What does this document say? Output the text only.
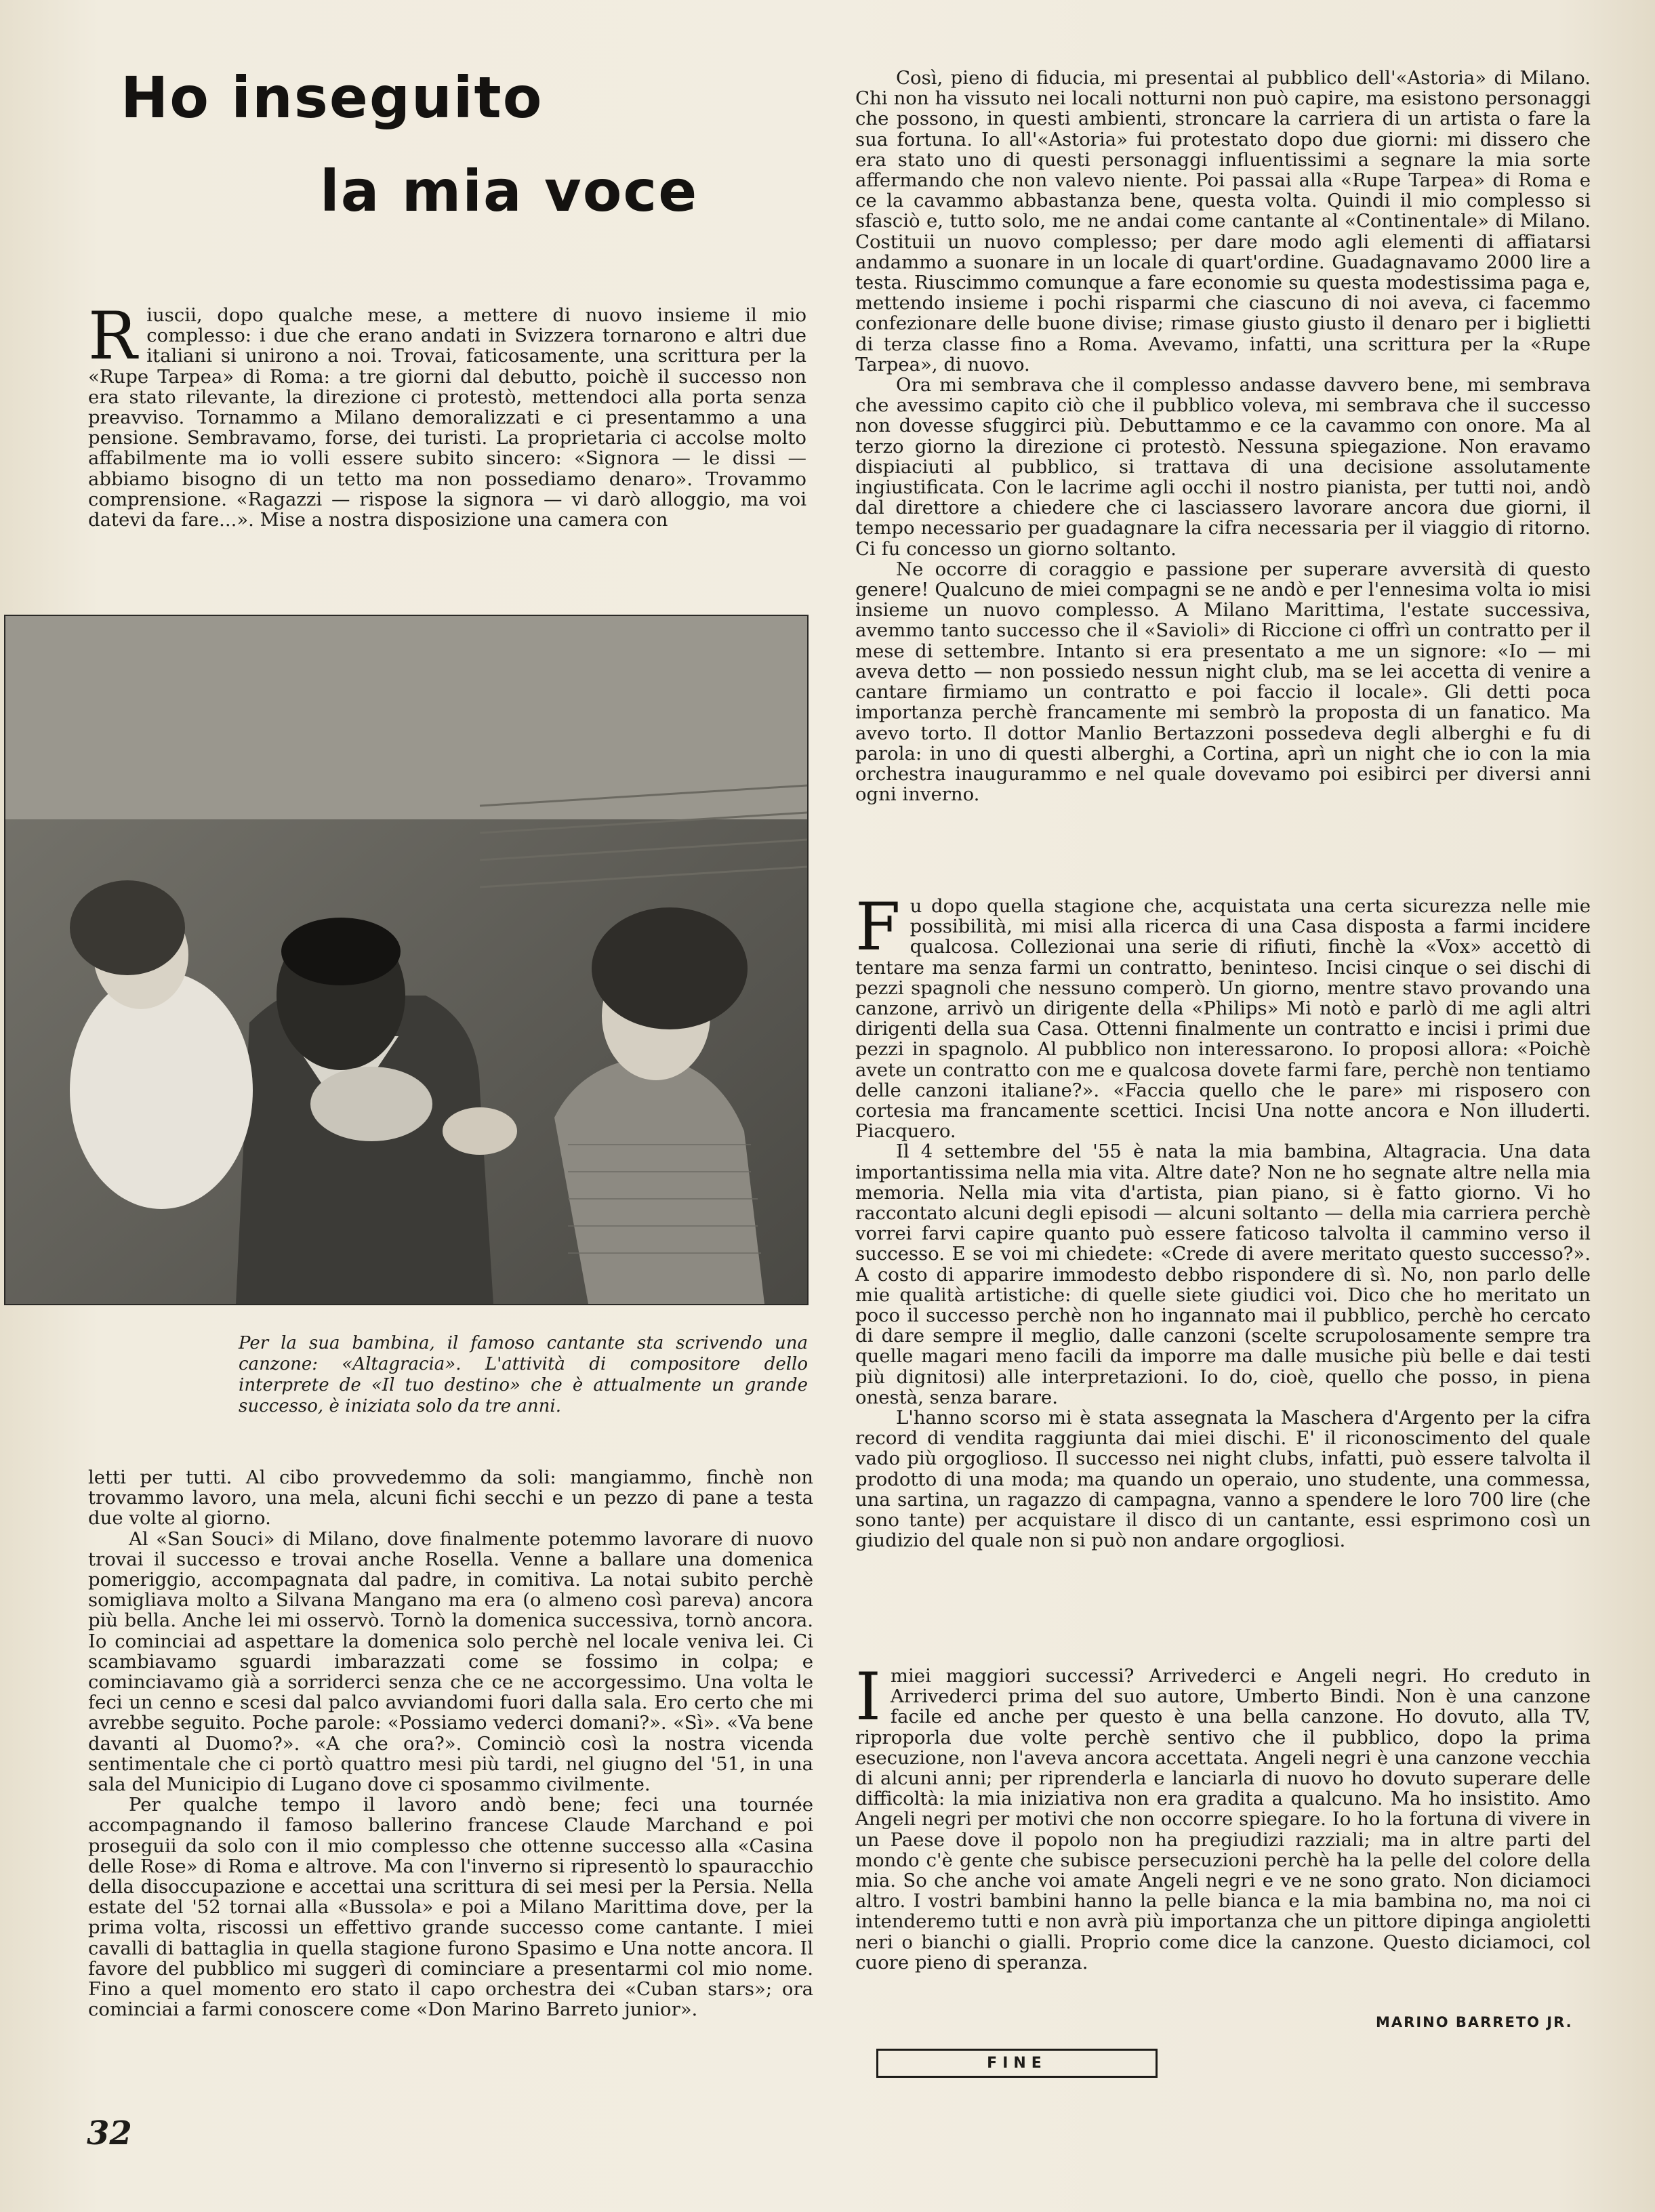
Ho inseguito
la mia voce

Riuscii, dopo qualche mese, a mettere di nuovo insieme il mio complesso: i due che erano andati in Svizzera tornarono e altri due italiani si unirono a noi. Trovai, faticosamente, una scrittura per la «Rupe Tarpea» di Roma: a tre giorni dal debutto, poichè il successo non era stato rilevante, la direzione ci protestò, mettendoci alla porta senza preavviso. Tornammo a Milano demoralizzati e ci presentammo a una pensione. Sembravamo, forse, dei turisti. La proprietaria ci accolse molto affabilmente ma io volli essere subito sincero: «Signora — le dissi — abbiamo bisogno di un tetto ma non possediamo denaro». Trovammo comprensione. «Ragazzi — rispose la signora — vi darò alloggio, ma voi datevi da fare...». Mise a nostra disposizione una camera con

Per la sua bambina, il famoso cantante sta scrivendo una canzone: «Altagracia». L'attività di compositore dello interprete de «Il tuo destino» che è attualmente un grande successo, è iniziata solo da tre anni.

letti per tutti. Al cibo provvedemmo da soli: mangiammo, finchè non trovammo lavoro, una mela, alcuni fichi secchi e un pezzo di pane a testa due volte al giorno.

Al «San Souci» di Milano, dove finalmente potemmo lavorare di nuovo trovai il successo e trovai anche Rosella. Venne a ballare una domenica pomeriggio, accompagnata dal padre, in comitiva. La notai subito perchè somigliava molto a Silvana Mangano ma era (o almeno così pareva) ancora più bella. Anche lei mi osservò. Tornò la domenica successiva, tornò ancora. Io cominciai ad aspettare la domenica solo perchè nel locale veniva lei. Ci scambiavamo sguardi imbarazzati come se fossimo in colpa; e cominciavamo già a sorriderci senza che ce ne accorgessimo. Una volta le feci un cenno e scesi dal palco avviandomi fuori dalla sala. Ero certo che mi avrebbe seguito. Poche parole: «Possiamo vederci domani?». «Sì». «Va bene davanti al Duomo?». «A che ora?». Cominciò così la nostra vicenda sentimentale che ci portò quattro mesi più tardi, nel giugno del '51, in una sala del Municipio di Lugano dove ci sposammo civilmente.

Per qualche tempo il lavoro andò bene; feci una tournée accompagnando il famoso ballerino francese Claude Marchand e poi proseguii da solo con il mio complesso che ottenne successo alla «Casina delle Rose» di Roma e altrove. Ma con l'inverno si ripresentò lo spauracchio della disoccupazione e accettai una scrittura di sei mesi per la Persia. Nella estate del '52 tornai alla «Bussola» e poi a Milano Marittima dove, per la prima volta, riscossi un effettivo grande successo come cantante. I miei cavalli di battaglia in quella stagione furono Spasimo e Una notte ancora. Il favore del pubblico mi suggerì di cominciare a presentarmi col mio nome. Fino a quel momento ero stato il capo orchestra dei «Cuban stars»; ora cominciai a farmi conoscere come «Don Marino Barreto junior».

Così, pieno di fiducia, mi presentai al pubblico dell'«Astoria» di Milano. Chi non ha vissuto nei locali notturni non può capire, ma esistono personaggi che possono, in questi ambienti, stroncare la carriera di un artista o fare la sua fortuna. Io all'«Astoria» fui protestato dopo due giorni: mi dissero che era stato uno di questi personaggi influentissimi a segnare la mia sorte affermando che non valevo niente. Poi passai alla «Rupe Tarpea» di Roma e ce la cavammo abbastanza bene, questa volta. Quindi il mio complesso si sfasciò e, tutto solo, me ne andai come cantante al «Continentale» di Milano. Costituii un nuovo complesso; per dare modo agli elementi di affiatarsi andammo a suonare in un locale di quart'ordine. Guadagnavamo 2000 lire a testa. Riuscimmo comunque a fare economie su questa modestissima paga e, mettendo insieme i pochi risparmi che ciascuno di noi aveva, ci facemmo confezionare delle buone divise; rimase giusto giusto il denaro per i biglietti di terza classe fino a Roma. Avevamo, infatti, una scrittura per la «Rupe Tarpea», di nuovo.

Ora mi sembrava che il complesso andasse davvero bene, mi sembrava che avessimo capito ciò che il pubblico voleva, mi sembrava che il successo non dovesse sfuggirci più. Debuttammo e ce la cavammo con onore. Ma al terzo giorno la direzione ci protestò. Nessuna spiegazione. Non eravamo dispiaciuti al pubblico, si trattava di una decisione assolutamente ingiustificata. Con le lacrime agli occhi il nostro pianista, per tutti noi, andò dal direttore a chiedere che ci lasciassero lavorare ancora due giorni, il tempo necessario per guadagnare la cifra necessaria per il viaggio di ritorno. Ci fu concesso un giorno soltanto.

Ne occorre di coraggio e passione per superare avversità di questo genere! Qualcuno de miei compagni se ne andò e per l'ennesima volta io misi insieme un nuovo complesso. A Milano Marittima, l'estate successiva, avemmo tanto successo che il «Savioli» di Riccione ci offrì un contratto per il mese di settembre. Intanto si era presentato a me un signore: «Io — mi aveva detto — non possiedo nessun night club, ma se lei accetta di venire a cantare firmiamo un contratto e poi faccio il locale». Gli detti poca importanza perchè francamente mi sembrò la proposta di un fanatico. Ma avevo torto. Il dottor Manlio Bertazzoni possedeva degli alberghi e fu di parola: in uno di questi alberghi, a Cortina, aprì un night che io con la mia orchestra inaugurammo e nel quale dovevamo poi esibirci per diversi anni ogni inverno.

Fu dopo quella stagione che, acquistata una certa sicurezza nelle mie possibilità, mi misi alla ricerca di una Casa disposta a farmi incidere qualcosa. Collezionai una serie di rifiuti, finchè la «Vox» accettò di tentare ma senza farmi un contratto, beninteso. Incisi cinque o sei dischi di pezzi spagnoli che nessuno comperò. Un giorno, mentre stavo provando una canzone, arrivò un dirigente della «Philips» Mi notò e parlò di me agli altri dirigenti della sua Casa. Ottenni finalmente un contratto e incisi i primi due pezzi in spagnolo. Al pubblico non interessarono. Io proposi allora: «Poichè avete un contratto con me e qualcosa dovete farmi fare, perchè non tentiamo delle canzoni italiane?». «Faccia quello che le pare» mi risposero con cortesia ma francamente scettici. Incisi Una notte ancora e Non illuderti. Piacquero.

Il 4 settembre del '55 è nata la mia bambina, Altagracia. Una data importantissima nella mia vita. Altre date? Non ne ho segnate altre nella mia memoria. Nella mia vita d'artista, pian piano, si è fatto giorno. Vi ho raccontato alcuni degli episodi — alcuni soltanto — della mia carriera perchè vorrei farvi capire quanto può essere faticoso talvolta il cammino verso il successo. E se voi mi chiedete: «Crede di avere meritato questo successo?». A costo di apparire immodesto debbo rispondere di sì. No, non parlo delle mie qualità artistiche: di quelle siete giudici voi. Dico che ho meritato un poco il successo perchè non ho ingannato mai il pubblico, perchè ho cercato di dare sempre il meglio, dalle canzoni (scelte scrupolosamente sempre tra quelle magari meno facili da imporre ma dalle musiche più belle e dai testi più dignitosi) alle interpretazioni. Io do, cioè, quello che posso, in piena onestà, senza barare.

L'hanno scorso mi è stata assegnata la Maschera d'Argento per la cifra record di vendita raggiunta dai miei dischi. E' il riconoscimento del quale vado più orgoglioso. Il successo nei night clubs, infatti, può essere talvolta il prodotto di una moda; ma quando un operaio, uno studente, una commessa, una sartina, un ragazzo di campagna, vanno a spendere le loro 700 lire (che sono tante) per acquistare il disco di un cantante, essi esprimono così un giudizio del quale non si può non andare orgogliosi.

Imiei maggiori successi? Arrivederci e Angeli negri. Ho creduto in Arrivederci prima del suo autore, Umberto Bindi. Non è una canzone facile ed anche per questo è una bella canzone. Ho dovuto, alla TV, riproporla due volte perchè sentivo che il pubblico, dopo la prima esecuzione, non l'aveva ancora accettata. Angeli negri è una canzone vecchia di alcuni anni; per riprenderla e lanciarla di nuovo ho dovuto superare delle difficoltà: la mia iniziativa non era gradita a qualcuno. Ma ho insistito. Amo Angeli negri per motivi che non occorre spiegare. Io ho la fortuna di vivere in un Paese dove il popolo non ha pregiudizi razziali; ma in altre parti del mondo c'è gente che subisce persecuzioni perchè ha la pelle del colore della mia. So che anche voi amate Angeli negri e ve ne sono grato. Non diciamoci altro. I vostri bambini hanno la pelle bianca e la mia bambina no, ma noi ci intenderemo tutti e non avrà più importanza che un pittore dipinga angioletti neri o bianchi o gialli. Proprio come dice la canzone. Questo diciamoci, col cuore pieno di speranza.

MARINO BARRETO JR.
FINE
32
